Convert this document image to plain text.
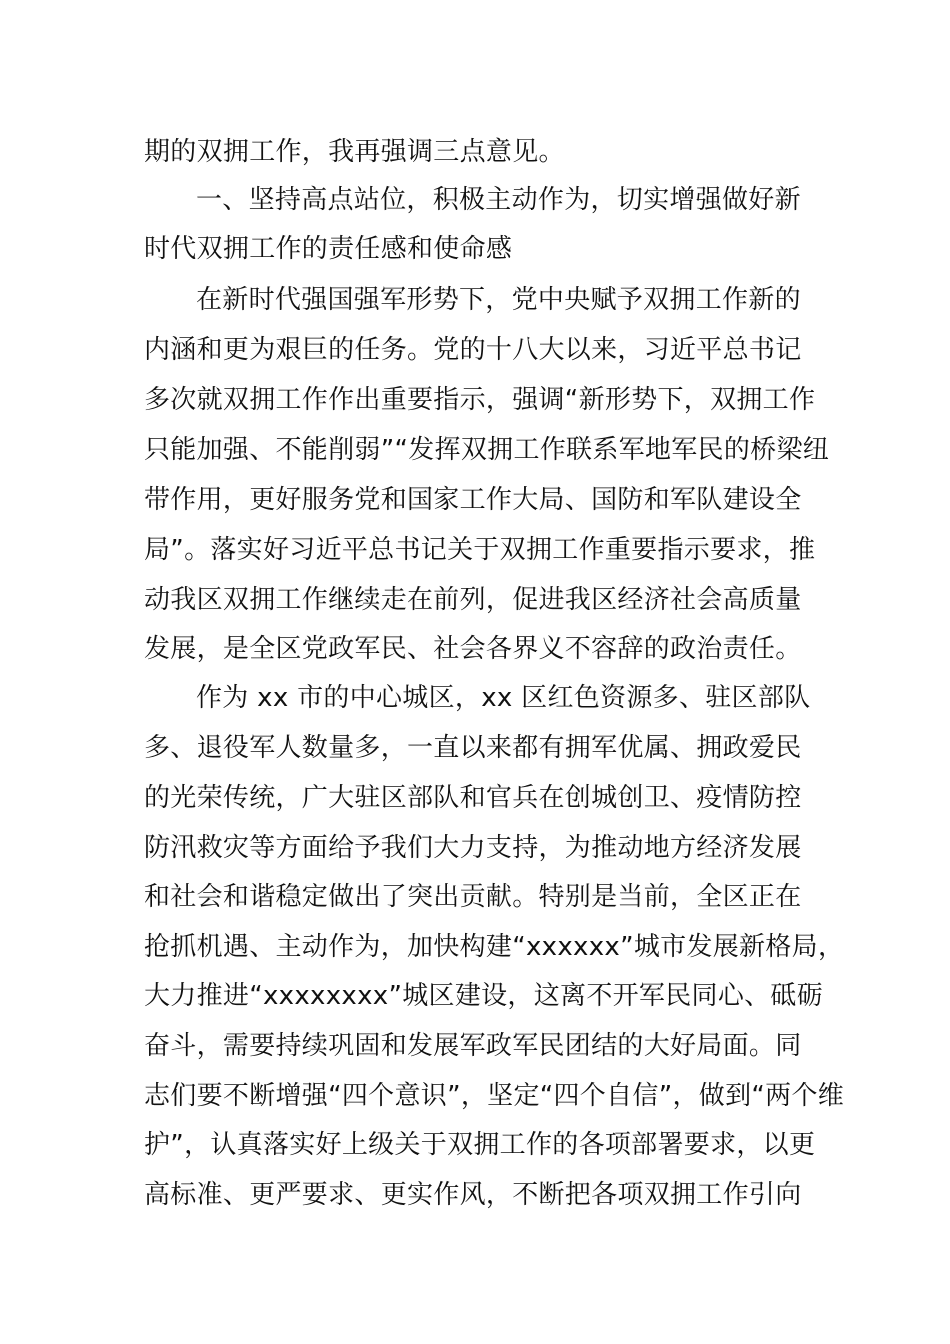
期的双拥工作，我再强调三点意见。
一、坚持高点站位，积极主动作为，切实增强做好新
时代双拥工作的责任感和使命感
在新时代强国强军形势下，党中央赋予双拥工作新的
内涵和更为艰巨的任务。党的十八大以来，习近平总书记
多次就双拥工作作出重要指示，强调“新形势下，双拥工作
只能加强、不能削弱”“发挥双拥工作联系军地军民的桥梁纽
带作用，更好服务党和国家工作大局、国防和军队建设全
局”。落实好习近平总书记关于双拥工作重要指示要求，推
动我区双拥工作继续走在前列，促进我区经济社会高质量
发展，是全区党政军民、社会各界义不容辞的政治责任。
作为 xx 市的中心城区，xx 区红色资源多、驻区部队
多、退役军人数量多，一直以来都有拥军优属、拥政爱民
的光荣传统，广大驻区部队和官兵在创城创卫、疫情防控
防汛救灾等方面给予我们大力支持，为推动地方经济发展
和社会和谐稳定做出了突出贡献。特别是当前，全区正在
抢抓机遇、主动作为，加快构建“xxxxxx”城市发展新格局，
大力推进“xxxxxxxx”城区建设，这离不开军民同心、砥砺
奋斗，需要持续巩固和发展军政军民团结的大好局面。同
志们要不断增强“四个意识”，坚定“四个自信”，做到“两个维
护”，认真落实好上级关于双拥工作的各项部署要求，以更
高标准、更严要求、更实作风，不断把各项双拥工作引向
